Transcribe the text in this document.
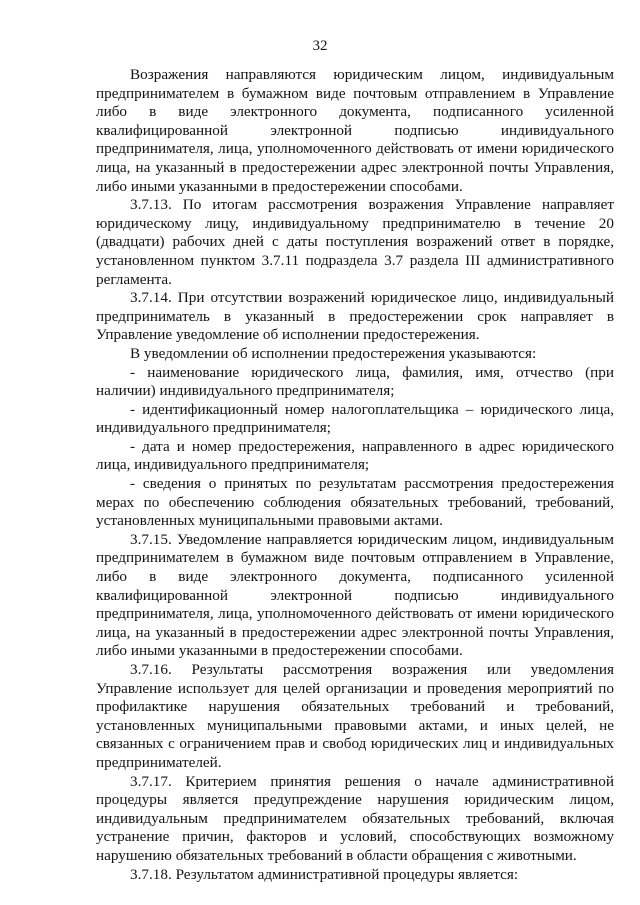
32

Возражения направляются юридическим лицом, индивидуальным предпринимателем в бумажном виде почтовым отправлением в Управление либо в виде электронного документа, подписанного усиленной квалифицированной электронной подписью индивидуального предпринимателя, лица, уполномоченного действовать от имени юридического лица, на указанный в предостережении адрес электронной почты Управления, либо иными указанными в предостережении способами.

3.7.13. По итогам рассмотрения возражения Управление направляет юридическому лицу, индивидуальному предпринимателю в течение 20 (двадцати) рабочих дней с даты поступления возражений ответ в порядке, установленном пунктом 3.7.11 подраздела 3.7 раздела III административного регламента.

3.7.14. При отсутствии возражений юридическое лицо, индивидуальный предприниматель в указанный в предостережении срок направляет в Управление уведомление об исполнении предостережения.

В уведомлении об исполнении предостережения указываются:

- наименование юридического лица, фамилия, имя, отчество (при наличии) индивидуального предпринимателя;

- идентификационный номер налогоплательщика – юридического лица, индивидуального предпринимателя;

- дата и номер предостережения, направленного в адрес юридического лица, индивидуального предпринимателя;

- сведения о принятых по результатам рассмотрения предостережения мерах по обеспечению соблюдения обязательных требований, требований, установленных муниципальными правовыми актами.

3.7.15. Уведомление направляется юридическим лицом, индивидуальным предпринимателем в бумажном виде почтовым отправлением в Управление, либо в виде электронного документа, подписанного усиленной квалифицированной электронной подписью индивидуального предпринимателя, лица, уполномоченного действовать от имени юридического лица, на указанный в предостережении адрес электронной почты Управления, либо иными указанными в предостережении способами.

3.7.16. Результаты рассмотрения возражения или уведомления Управление использует для целей организации и проведения мероприятий по профилактике нарушения обязательных требований и требований, установленных муниципальными правовыми актами, и иных целей, не связанных с ограничением прав и свобод юридических лиц и индивидуальных предпринимателей.

3.7.17. Критерием принятия решения о начале административной процедуры является предупреждение нарушения юридическим лицом, индивидуальным предпринимателем обязательных требований, включая устранение причин, факторов и условий, способствующих возможному нарушению обязательных требований в области обращения с животными.

3.7.18. Результатом административной процедуры является:
